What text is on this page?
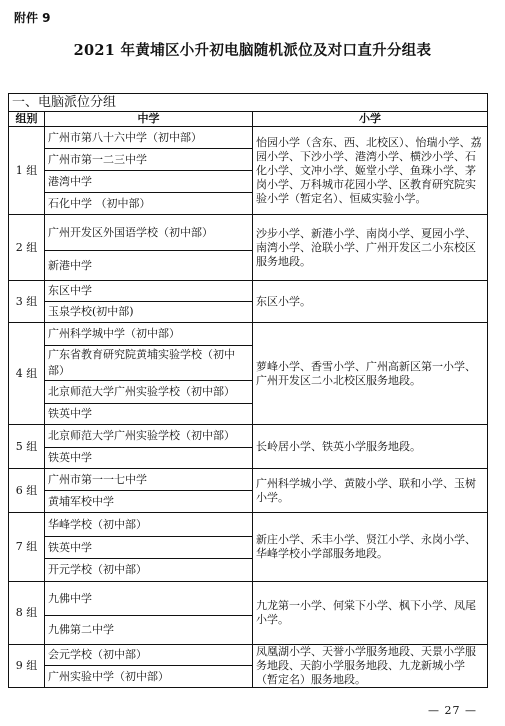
附件 9
2021 年黄埔区小升初电脑随机派位及对口直升分组表
一、电脑派位分组		
组别	中学	小学
1 组	广州市第八十六中学（初中部）	怡园小学（含东、西、北校区）、怡瑞小学、荔园小学、下沙小学、港湾小学、横沙小学、石化小学、文冲小学、姬堂小学、鱼珠小学、茅岗小学、万科城市花园小学、区教育研究院实验小学（暂定名）、恒威实验小学。
	广州市第一二三中学	
	港湾中学	
	石化中学 （初中部）	
2 组	广州开发区外国语学校（初中部）	沙步小学、新港小学、南岗小学、夏园小学、南湾小学、沧联小学、广州开发区二小东校区服务地段。
	新港中学	
3 组	东区中学	东区小学。
	玉泉学校(初中部)	
4 组	广州科学城中学（初中部）	萝峰小学、香雪小学、广州高新区第一小学、广州开发区二小北校区服务地段。
	广东省教育研究院黄埔实验学校（初中部）	
	北京师范大学广州实验学校（初中部）	
	铁英中学	
5 组	北京师范大学广州实验学校（初中部）	长岭居小学、铁英小学服务地段。
	铁英中学	
6 组	广州市第一一七中学	广州科学城小学、黄陂小学、联和小学、玉树小学。
	黄埔军校中学	
7 组	华峰学校（初中部）	新庄小学、禾丰小学、贤江小学、永岗小学、华峰学校小学部服务地段。
	铁英中学	
	开元学校（初中部）	
8 组	九佛中学	九龙第一小学、何棠下小学、枫下小学、凤尾小学。
	九佛第二中学	
9 组	会元学校（初中部）	凤凰湖小学、天誉小学服务地段、天景小学服务地段、天韵小学服务地段、九龙新城小学（暂定名）服务地段。
	广州实验中学（初中部）	
— 27 —
